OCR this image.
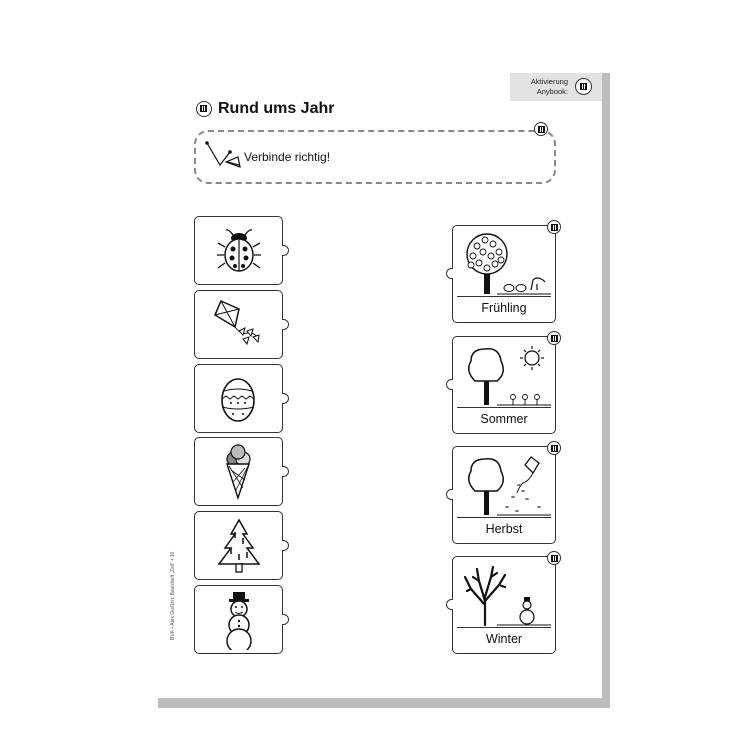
Aktivierung
Anybook:
Rund ums Jahr
Verbinde richtig!
Frühling
Sommer
Herbst
Winter
BVK • Alex Gießen: Basisheft „Zeit“ • 10
